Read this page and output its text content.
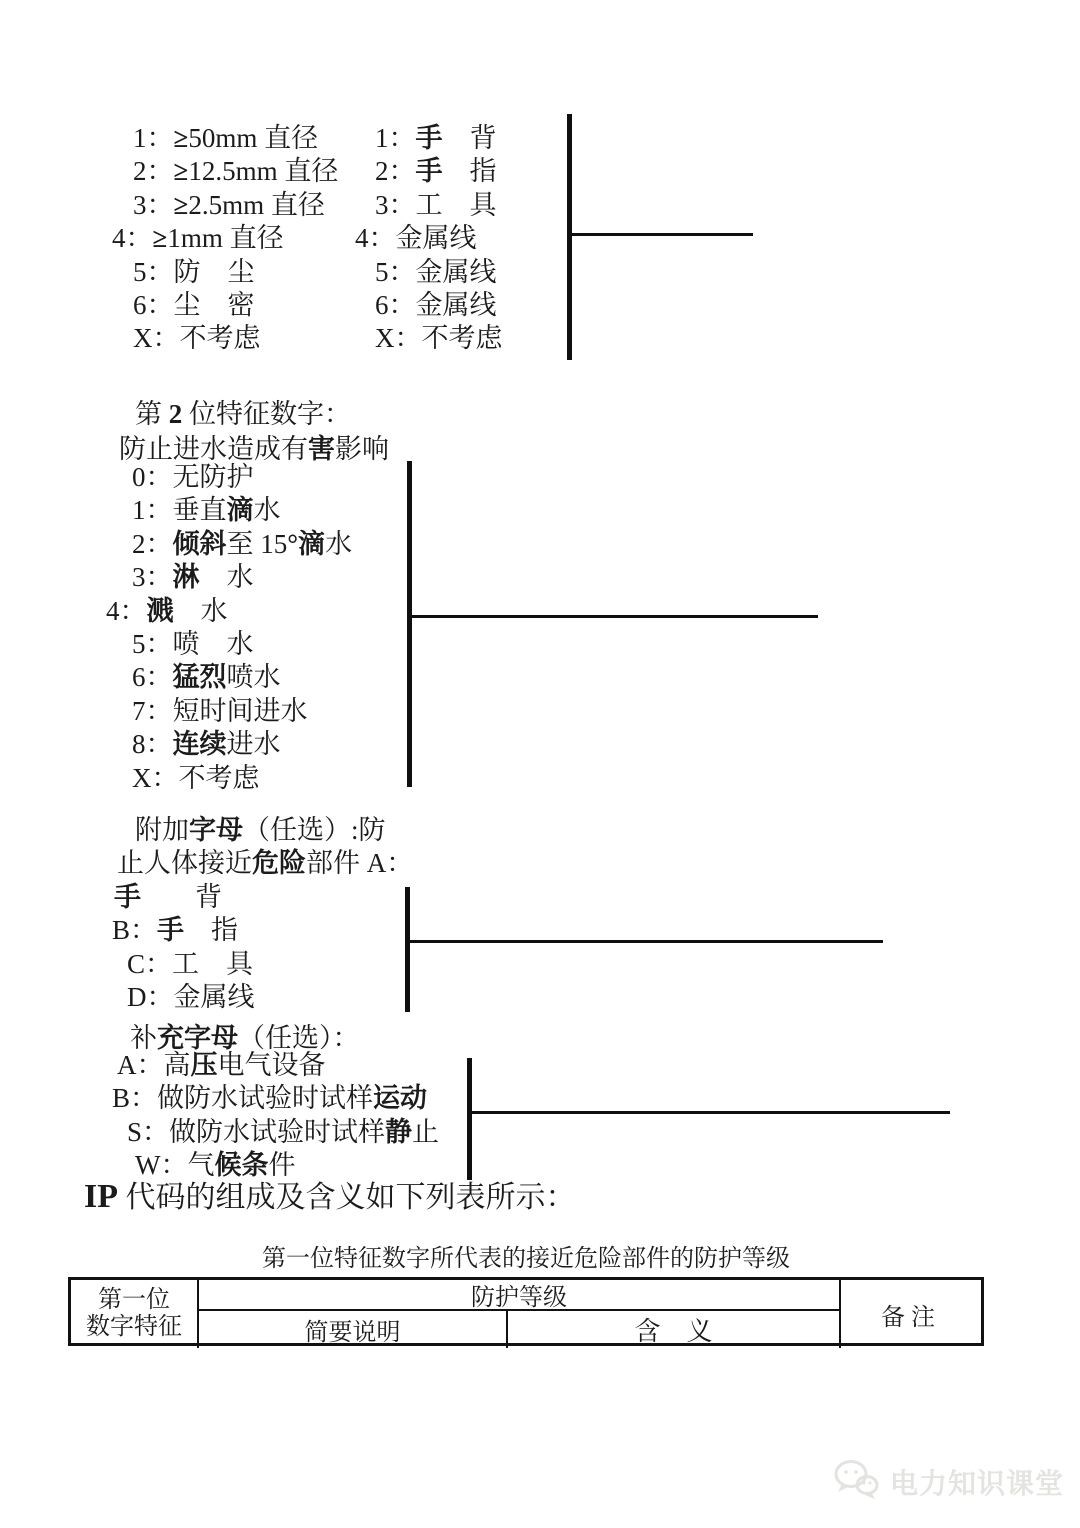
1：≥50mm 直径
2：≥12.5mm 直径
3：≥2.5mm 直径
4：≥1mm 直径
5：防　尘
6：尘　密
X：不考虑
1：手　背
2：手　指
3：工　具
4：金属线
5：金属线
6：金属线
X：不考虑
第 2 位特征数字：
防止进水造成有害影响
0：无防护
1：垂直滴水
2：倾斜至 15°滴水
3：淋　水
4：溅　水
5：喷　水
6：猛烈喷水
7：短时间进水
8：连续进水
X：不考虑
附加字母（任选）:防
止人体接近危险部件 A：
手　　背
B：手　指
C：工　具
D：金属线
补充字母（任选）：
A：高压电气设备
B：做防水试验时试样运动
S：做防水试验时试样静止
W：气候条件
IP 代码的组成及含义如下列表所示：
第一位特征数字所代表的接近危险部件的防护等级
第一位
数字特征
防护等级
简要说明	含　义	备注
电力知识课堂
